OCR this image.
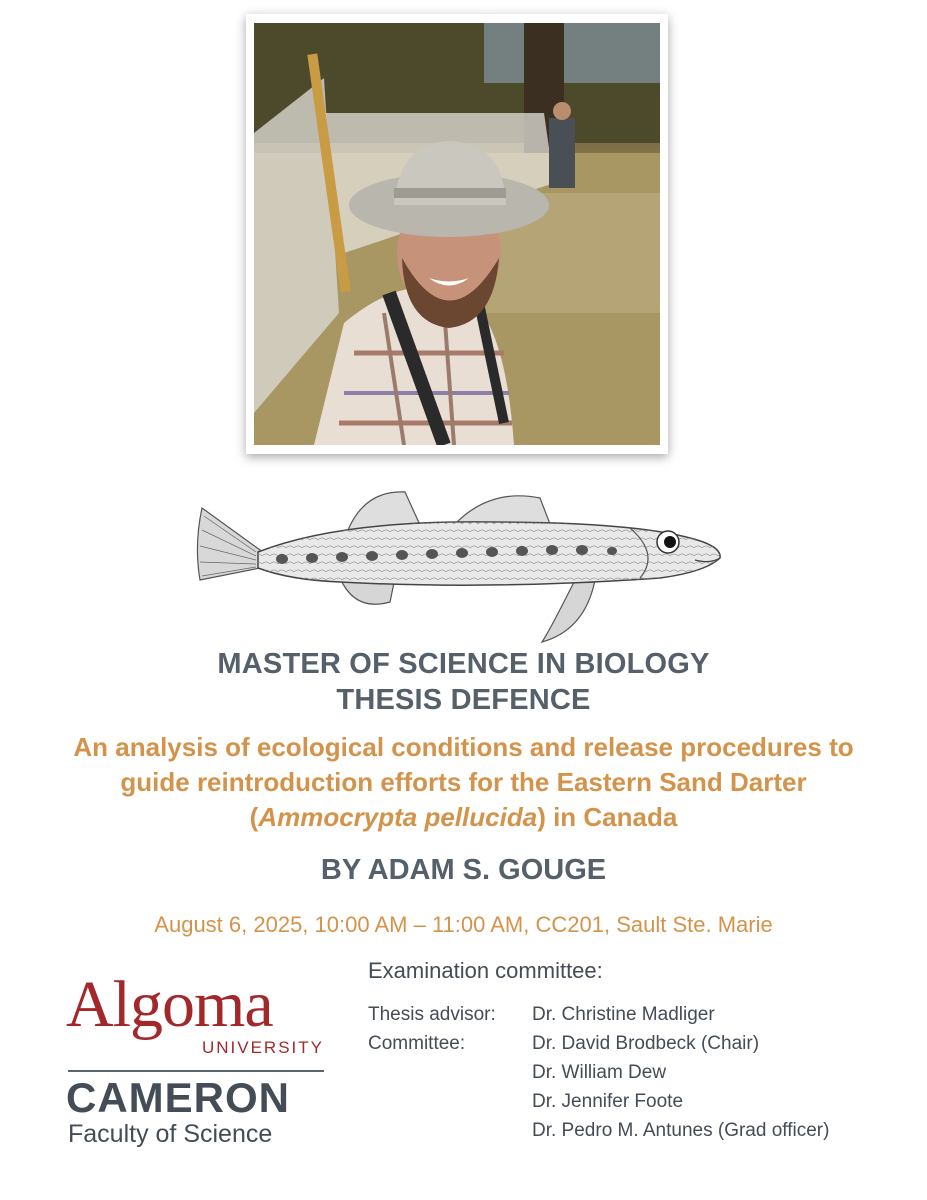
MASTER OF SCIENCE IN BIOLOGY
THESIS DEFENCE
An analysis of ecological conditions and release procedures to guide reintroduction efforts for the Eastern Sand Darter (Ammocrypta pellucida) in Canada
BY ADAM S. GOUGE
August 6, 2025, 10:00 AM – 11:00 AM, CC201, Sault Ste. Marie
Algoma
UNIVERSITY
CAMERON
Faculty of Science
Examination committee:
Thesis advisor:	Dr. Christine Madliger
Committee:	Dr. David Brodbeck (Chair)
Dr. William Dew
Dr. Jennifer Foote
Dr. Pedro M. Antunes (Grad officer)
